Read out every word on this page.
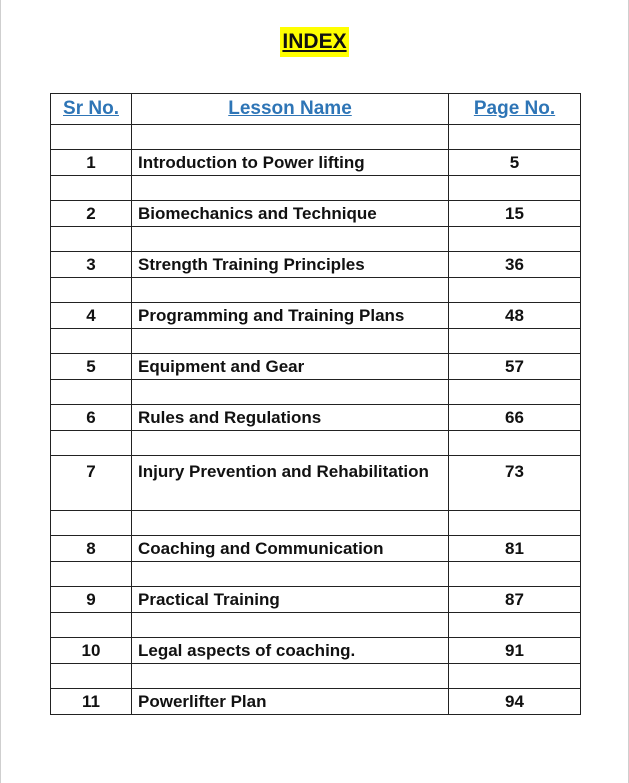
INDEX
Sr No.	Lesson Name	Page No.

1	Introduction to Power lifting	5

2	Biomechanics and Technique	15

3	Strength Training Principles	36

4	Programming and Training Plans	48

5	Equipment and Gear	57

6	Rules and Regulations	66

7	Injury Prevention and Rehabilitation	73

8	Coaching and Communication	81

9	Practical Training	87

10	Legal aspects of coaching.	91

11	Powerlifter Plan	94
